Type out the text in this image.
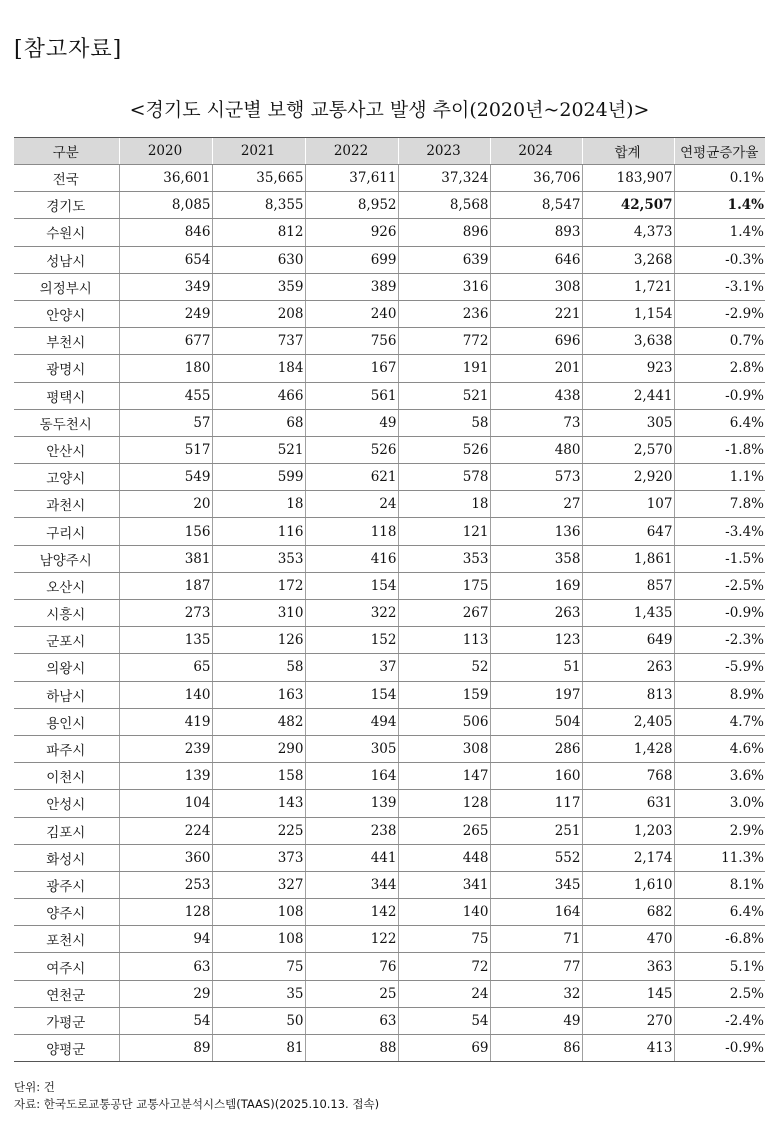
[참고자료]
<경기도 시군별 보행 교통사고 발생 추이(2020년~2024년)>
구분	2020	2021	2022	2023	2024	합계	연평균증가율
전국	36,601	35,665	37,611	37,324	36,706	183,907	0.1%
경기도	8,085	8,355	8,952	8,568	8,547	42,507	1.4%
수원시	846	812	926	896	893	4,373	1.4%
성남시	654	630	699	639	646	3,268	-0.3%
의정부시	349	359	389	316	308	1,721	-3.1%
안양시	249	208	240	236	221	1,154	-2.9%
부천시	677	737	756	772	696	3,638	0.7%
광명시	180	184	167	191	201	923	2.8%
평택시	455	466	561	521	438	2,441	-0.9%
동두천시	57	68	49	58	73	305	6.4%
안산시	517	521	526	526	480	2,570	-1.8%
고양시	549	599	621	578	573	2,920	1.1%
과천시	20	18	24	18	27	107	7.8%
구리시	156	116	118	121	136	647	-3.4%
남양주시	381	353	416	353	358	1,861	-1.5%
오산시	187	172	154	175	169	857	-2.5%
시흥시	273	310	322	267	263	1,435	-0.9%
군포시	135	126	152	113	123	649	-2.3%
의왕시	65	58	37	52	51	263	-5.9%
하남시	140	163	154	159	197	813	8.9%
용인시	419	482	494	506	504	2,405	4.7%
파주시	239	290	305	308	286	1,428	4.6%
이천시	139	158	164	147	160	768	3.6%
안성시	104	143	139	128	117	631	3.0%
김포시	224	225	238	265	251	1,203	2.9%
화성시	360	373	441	448	552	2,174	11.3%
광주시	253	327	344	341	345	1,610	8.1%
양주시	128	108	142	140	164	682	6.4%
포천시	94	108	122	75	71	470	-6.8%
여주시	63	75	76	72	77	363	5.1%
연천군	29	35	25	24	32	145	2.5%
가평군	54	50	63	54	49	270	-2.4%
양평군	89	81	88	69	86	413	-0.9%
단위: 건
자료: 한국도로교통공단 교통사고분석시스템(TAAS)(2025.10.13. 접속)
